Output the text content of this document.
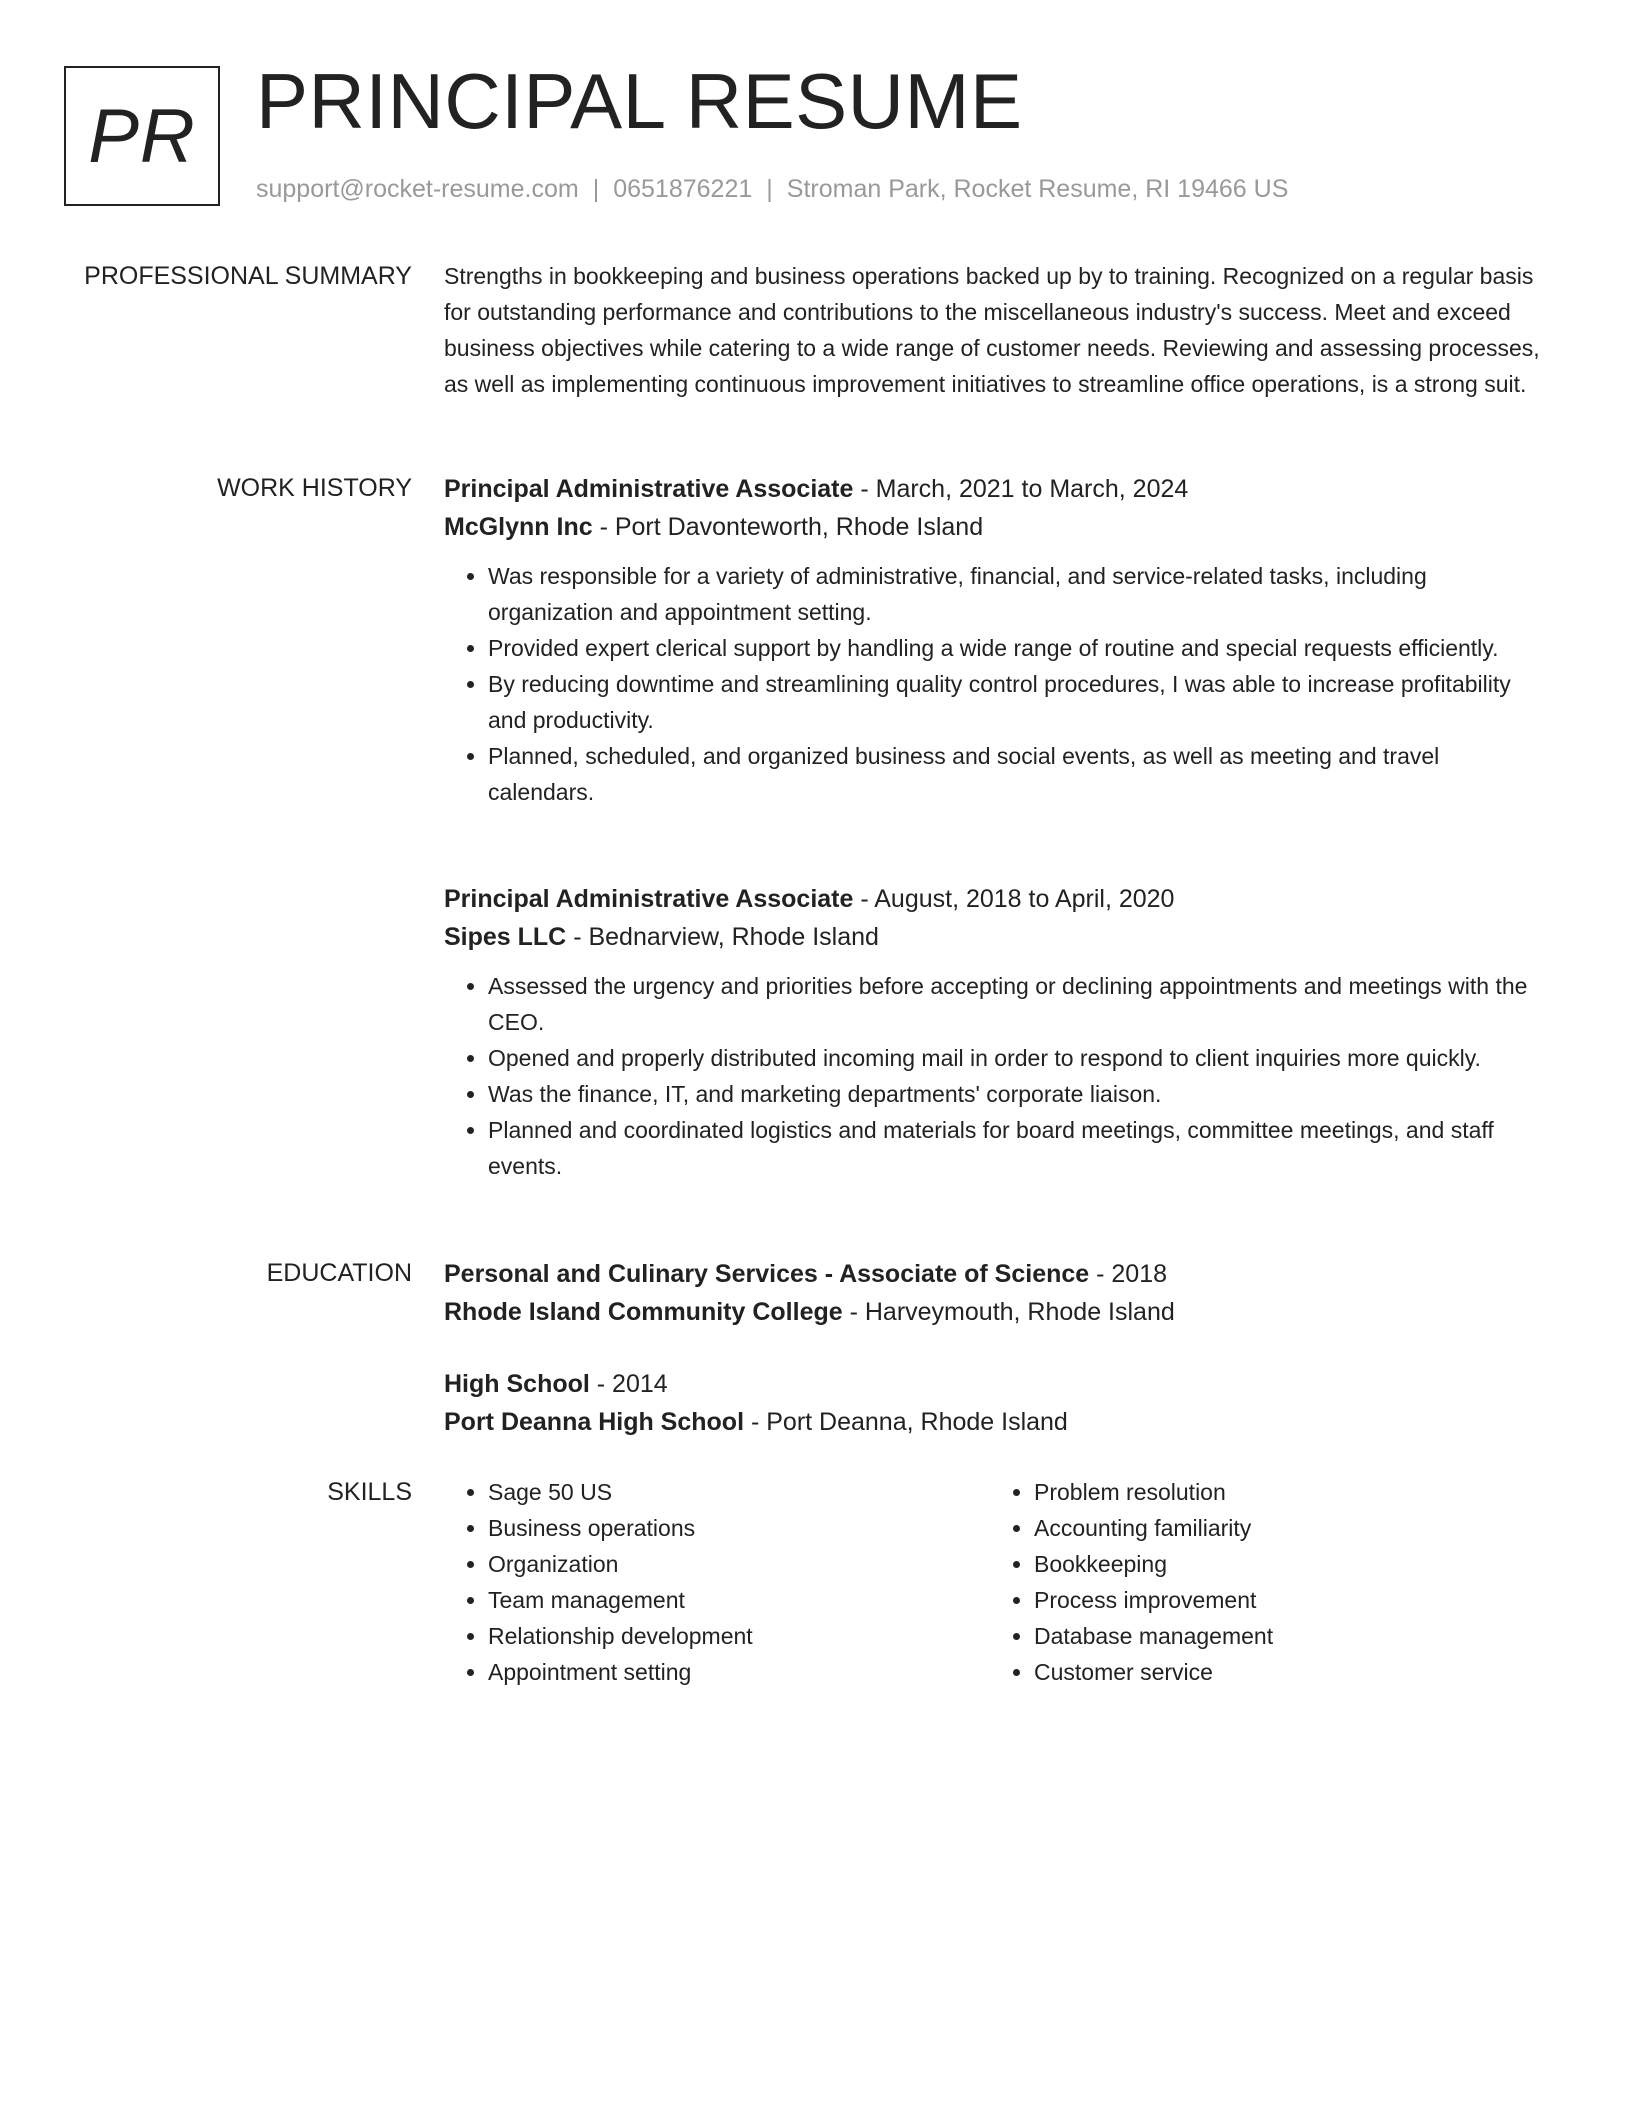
PR PRINCIPAL RESUME
support@rocket-resume.com | 0651876221 | Stroman Park, Rocket Resume, RI 19466 US
PROFESSIONAL SUMMARY Strengths in bookkeeping and business operations backed up by to training. Recognized on a regular basis for outstanding performance and contributions to the miscellaneous industry's success. Meet and exceed business objectives while catering to a wide range of customer needs. Reviewing and assessing processes, as well as implementing continuous improvement initiatives to streamline office operations, is a strong suit.

WORK HISTORY Principal Administrative Associate - March, 2021 to March, 2024
McGlynn Inc - Port Davonteworth, Rhode Island
• Was responsible for a variety of administrative, financial, and service-related tasks, including organization and appointment setting.
• Provided expert clerical support by handling a wide range of routine and special requests efficiently.
• By reducing downtime and streamlining quality control procedures, I was able to increase profitability and productivity.
• Planned, scheduled, and organized business and social events, as well as meeting and travel calendars.
Principal Administrative Associate - August, 2018 to April, 2020
Sipes LLC - Bednarview, Rhode Island
• Assessed the urgency and priorities before accepting or declining appointments and meetings with the CEO.
• Opened and properly distributed incoming mail in order to respond to client inquiries more quickly.
• Was the finance, IT, and marketing departments' corporate liaison.
• Planned and coordinated logistics and materials for board meetings, committee meetings, and staff events.
EDUCATION Personal and Culinary Services - Associate of Science - 2018
Rhode Island Community College - Harveymouth, Rhode Island
High School - 2014
Port Deanna High School - Port Deanna, Rhode Island
SKILLS
•	Sage 50 US
• Business operations
• Organization
• Team management
• Relationship development
• Appointment setting
• Problem resolution
• Accounting familiarity
• Bookkeeping
• Process improvement
• Database management
• Customer service
